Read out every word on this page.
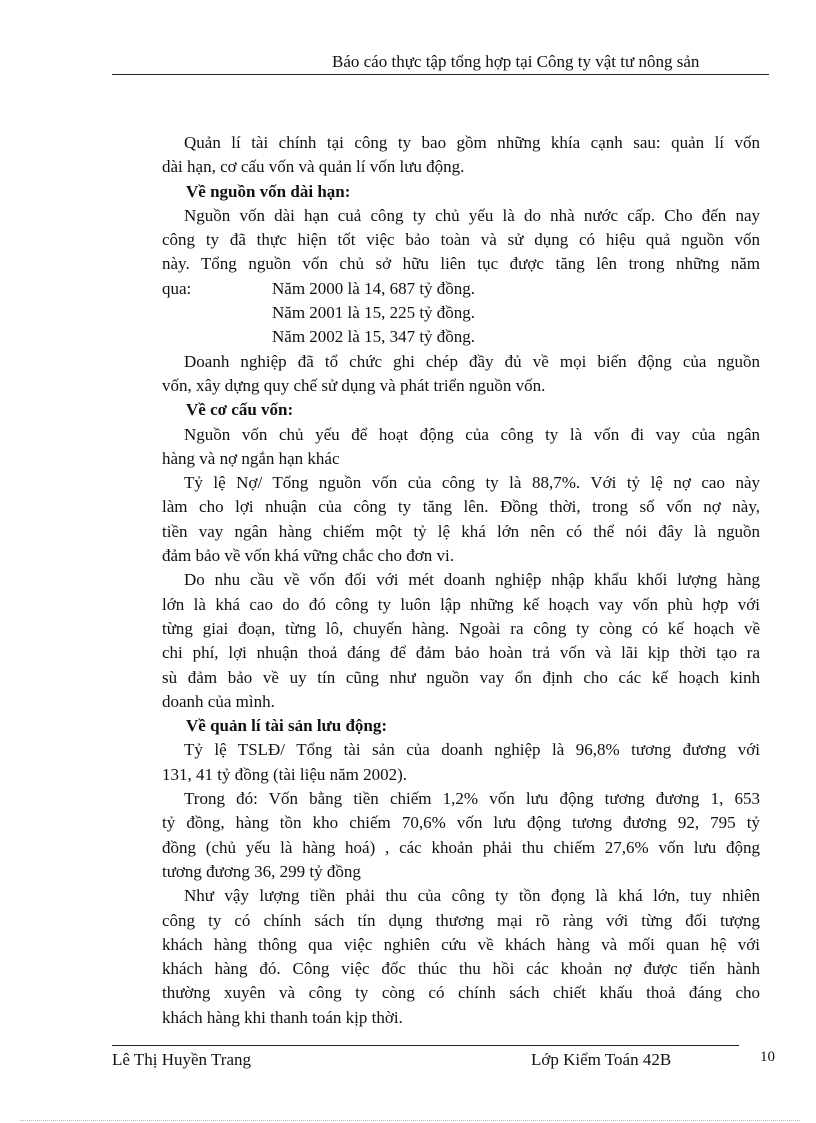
Báo cáo thực tập tổng hợp tại Công ty vật tư nông sản
Quản lí tài chính tại công ty bao gồm những khía cạnh sau: quản lí vốn
dài hạn, cơ cấu vốn và quản lí vốn lưu động.
Về nguồn vốn dài hạn:
Nguồn vốn dài hạn cuả công ty chủ yếu là do nhà nước cấp. Cho đến nay
công ty đã thực hiện tốt việc bảo toàn và sử dụng có hiệu quả nguồn vốn
này. Tổng nguồn vốn chủ sở hữu liên tục được tăng lên trong những năm
qua:	Năm 2000 là 14, 687 tỷ đồng.
Năm 2001 là 15, 225 tỷ đồng.
Năm 2002 là 15, 347 tỷ đồng.
Doanh nghiệp đã tổ chức ghi chép đầy đủ về mọi biến động của nguồn
vốn, xây dựng quy chế sử dụng và phát triển nguồn vốn.
Về cơ cấu vốn:
Nguồn vốn chủ yếu để hoạt động của công ty là vốn đi vay của ngân
hàng và nợ ngắn hạn khác
Tỷ lệ Nợ/ Tổng nguồn vốn của công ty là 88,7%. Với tỷ lệ nợ cao này
làm cho lợi nhuận của công ty tăng lên. Đồng thời, trong số vốn nợ này,
tiền vay ngân hàng chiếm một tỷ lệ khá lớn nên có thể nói đây là nguồn
đảm bảo về vốn khá vững chắc cho đơn vi.
Do nhu cầu về vốn đối với mét doanh nghiệp nhập khẩu khối lượng hàng
lớn là khá cao do đó công ty luôn lập những kế hoạch vay vốn phù hợp với
từng giai đoạn, từng lô, chuyến hàng. Ngoài ra công ty còng có kế hoạch về
chi phí, lợi nhuận thoả đáng để đảm bảo hoàn trả vốn và lãi kịp thời tạo ra
sù đảm bảo về uy tín cũng như nguồn vay ổn định cho các kế hoạch kinh
doanh của mình.
Về quản lí tài sản lưu động:
Tỷ lệ TSLĐ/ Tổng tài sản của doanh nghiệp là 96,8% tương đương với
131, 41 tỷ đồng (tài liệu năm 2002).
Trong đó: Vốn bằng tiền chiếm 1,2% vốn lưu động tương đương 1, 653
tỷ đồng, hàng tồn kho chiếm 70,6% vốn lưu động tương đương 92, 795 tỷ
đồng (chủ yếu là hàng hoá) , các khoản phải thu chiếm 27,6% vốn lưu động
tương đương 36, 299 tỷ đồng
Như vậy lượng tiền phải thu của công ty tồn đọng là khá lớn, tuy nhiên
công ty có chính sách tín dụng thương mại rõ ràng với từng đối tượng
khách hàng thông qua việc nghiên cứu về khách hàng và mối quan hệ với
khách hàng đó. Công việc đốc thúc thu hồi các khoản nợ được tiến hành
thường xuyên và công ty còng có chính sách chiết khấu thoả đáng cho
khách hàng khi thanh toán kịp thời.
Lê Thị Huyền Trang	Lớp Kiểm Toán 42B	10
